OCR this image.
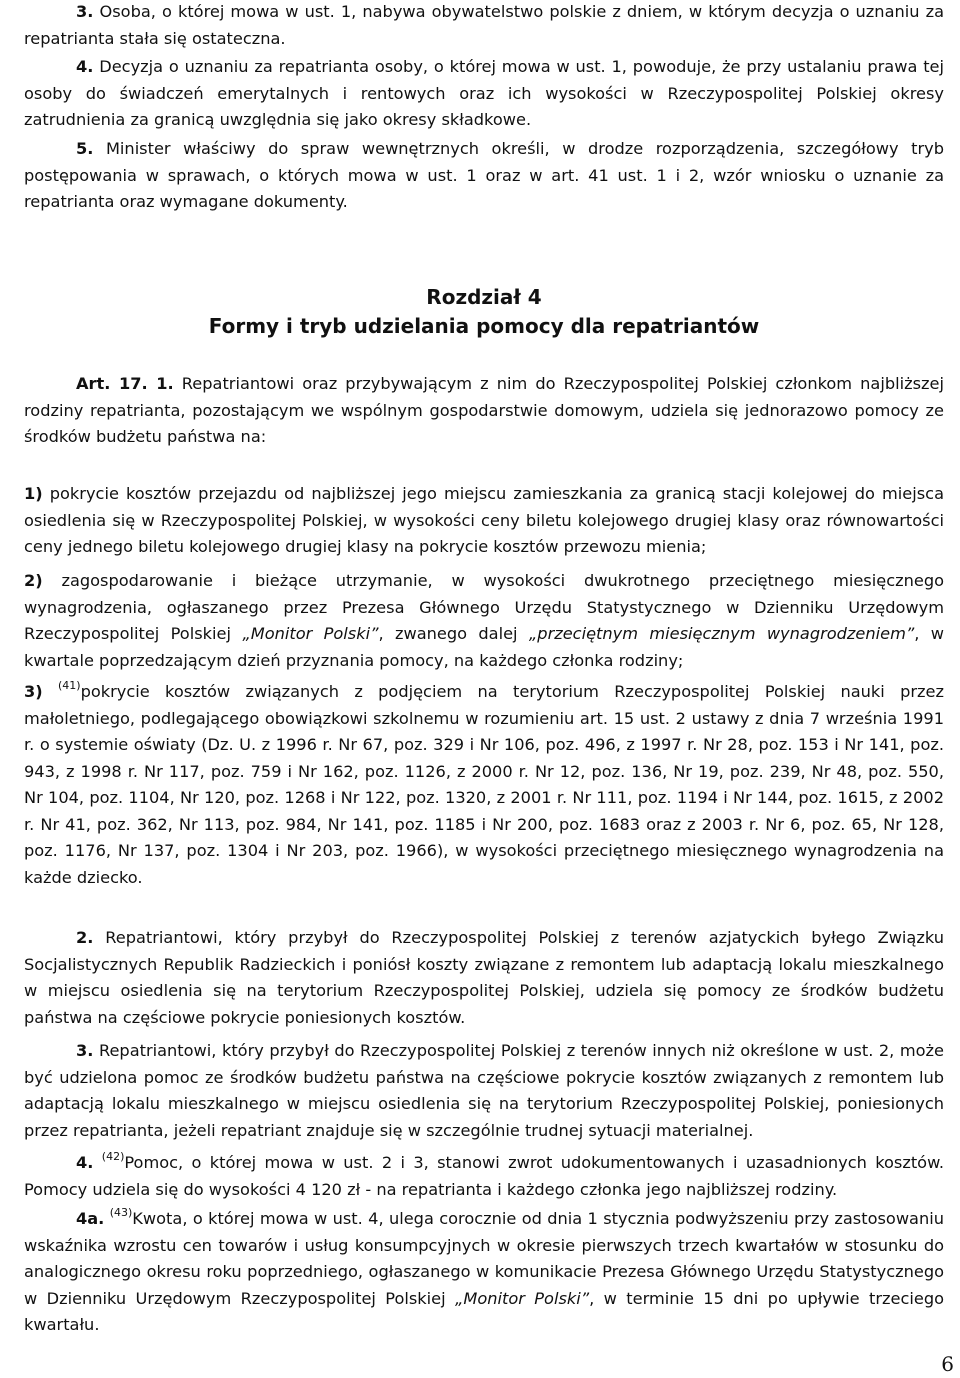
3. Osoba, o której mowa w ust. 1, nabywa obywatelstwo polskie z dniem, w którym decyzja o uznaniu za repatrianta stała się ostateczna.

4. Decyzja o uznaniu za repatrianta osoby, o której mowa w ust. 1, powoduje, że przy ustalaniu prawa tej osoby do świadczeń emerytalnych i rentowych oraz ich wysokości w Rzeczypospolitej Polskiej okresy zatrudnienia za granicą uwzględnia się jako okresy składkowe.

5. Minister właściwy do spraw wewnętrznych określi, w drodze rozporządzenia, szczegółowy tryb postępowania w sprawach, o których mowa w ust. 1 oraz w art. 41 ust. 1 i 2, wzór wniosku o uznanie za repatrianta oraz wymagane dokumenty.

Rozdział 4
Formy i tryb udzielania pomocy dla repatriantów

Art. 17. 1. Repatriantowi oraz przybywającym z nim do Rzeczypospolitej Polskiej członkom najbliższej rodziny repatrianta, pozostającym we wspólnym gospodarstwie domowym, udziela się jednorazowo pomocy ze środków budżetu państwa na:

1) pokrycie kosztów przejazdu od najbliższej jego miejscu zamieszkania za granicą stacji kolejowej do miejsca osiedlenia się w Rzeczypospolitej Polskiej, w wysokości ceny biletu kolejowego drugiej klasy oraz równowartości ceny jednego biletu kolejowego drugiej klasy na pokrycie kosztów przewozu mienia;

2) zagospodarowanie i bieżące utrzymanie, w wysokości dwukrotnego przeciętnego miesięcznego wynagrodzenia, ogłaszanego przez Prezesa Głównego Urzędu Statystycznego w Dzienniku Urzędowym Rzeczypospolitej Polskiej „Monitor Polski”, zwanego dalej „przeciętnym miesięcznym wynagrodzeniem”, w kwartale poprzedzającym dzień przyznania pomocy, na każdego członka rodziny;

3) $^{(41)}$pokrycie kosztów związanych z podjęciem na terytorium Rzeczypospolitej Polskiej nauki przez małoletniego, podlegającego obowiązkowi szkolnemu w rozumieniu art. 15 ust. 2 ustawy z dnia 7 września 1991 r. o systemie oświaty (Dz. U. z 1996 r. Nr 67, poz. 329 i Nr 106, poz. 496, z 1997 r. Nr 28, poz. 153 i Nr 141, poz. 943, z 1998 r. Nr 117, poz. 759 i Nr 162, poz. 1126, z 2000 r. Nr 12, poz. 136, Nr 19, poz. 239, Nr 48, poz. 550, Nr 104, poz. 1104, Nr 120, poz. 1268 i Nr 122, poz. 1320, z 2001 r. Nr 111, poz. 1194 i Nr 144, poz. 1615, z 2002 r. Nr 41, poz. 362, Nr 113, poz. 984, Nr 141, poz. 1185 i Nr 200, poz. 1683 oraz z 2003 r. Nr 6, poz. 65, Nr 128, poz. 1176, Nr 137, poz. 1304 i Nr 203, poz. 1966), w wysokości przeciętnego miesięcznego wynagrodzenia na każde dziecko.

2. Repatriantowi, który przybył do Rzeczypospolitej Polskiej z terenów azjatyckich byłego Związku Socjalistycznych Republik Radzieckich i poniósł koszty związane z remontem lub adaptacją lokalu mieszkalnego w miejscu osiedlenia się na terytorium Rzeczypospolitej Polskiej, udziela się pomocy ze środków budżetu państwa na częściowe pokrycie poniesionych kosztów.

3. Repatriantowi, który przybył do Rzeczypospolitej Polskiej z terenów innych niż określone w ust. 2, może być udzielona pomoc ze środków budżetu państwa na częściowe pokrycie kosztów związanych z remontem lub adaptacją lokalu mieszkalnego w miejscu osiedlenia się na terytorium Rzeczypospolitej Polskiej, poniesionych przez repatrianta, jeżeli repatriant znajduje się w szczególnie trudnej sytuacji materialnej.

4. $^{(42)}$Pomoc, o której mowa w ust. 2 i 3, stanowi zwrot udokumentowanych i uzasadnionych kosztów. Pomocy udziela się do wysokości 4 120 zł - na repatrianta i każdego członka jego najbliższej rodziny.

4a. $^{(43)}$Kwota, o której mowa w ust. 4, ulega corocznie od dnia 1 stycznia podwyższeniu przy zastosowaniu wskaźnika wzrostu cen towarów i usług konsumpcyjnych w okresie pierwszych trzech kwartałów w stosunku do analogicznego okresu roku poprzedniego, ogłaszanego w komunikacie Prezesa Głównego Urzędu Statystycznego w Dzienniku Urzędowym Rzeczypospolitej Polskiej „Monitor Polski”, w terminie 15 dni po upływie trzeciego kwartału.

6
